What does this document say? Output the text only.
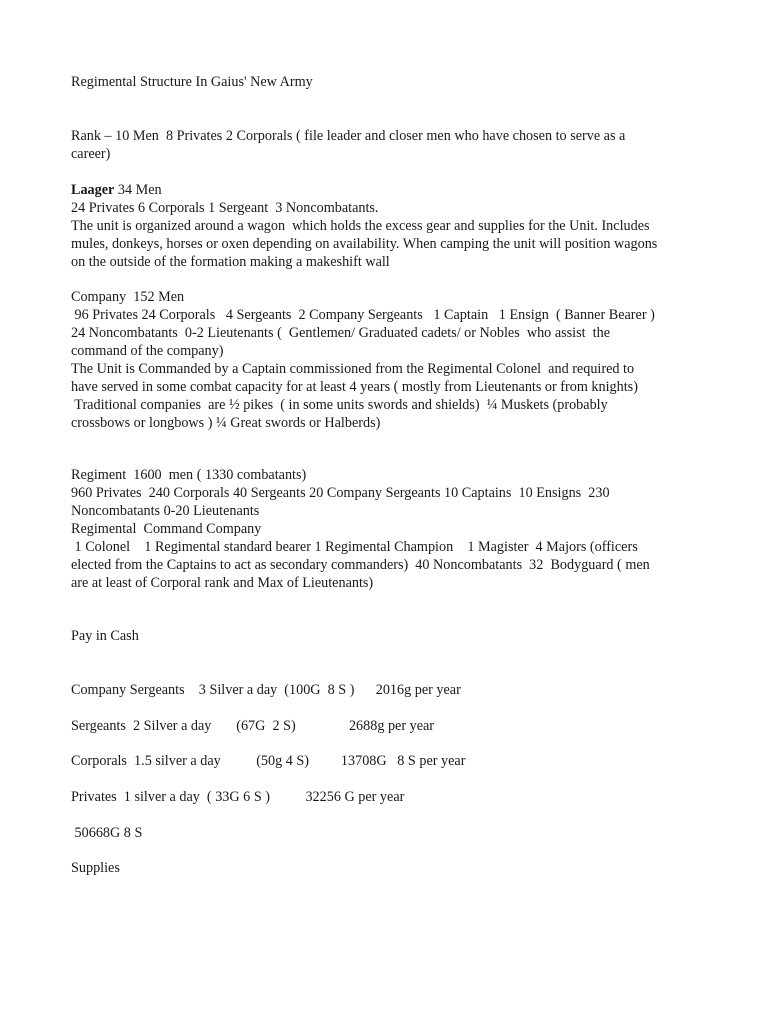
Regimental Structure In Gaius' New Army
Rank – 10 Men  8 Privates 2 Corporals ( file leader and closer men who have chosen to serve as a
career)
Laager 34 Men
24 Privates 6 Corporals 1 Sergeant  3 Noncombatants.
The unit is organized around a wagon  which holds the excess gear and supplies for the Unit. Includes
mules, donkeys, horses or oxen depending on availability. When camping the unit will position wagons
on the outside of the formation making a makeshift wall
Company  152 Men
96 Privates 24 Corporals   4 Sergeants  2 Company Sergeants   1 Captain   1 Ensign  ( Banner Bearer )
24 Noncombatants  0-2 Lieutenants (  Gentlemen/ Graduated cadets/ or Nobles  who assist  the
command of the company)
The Unit is Commanded by a Captain commissioned from the Regimental Colonel  and required to
have served in some combat capacity for at least 4 years ( mostly from Lieutenants or from knights)
Traditional companies  are ½ pikes  ( in some units swords and shields)  ¼ Muskets (probably
crossbows or longbows ) ¼ Great swords or Halberds)
Regiment  1600  men ( 1330 combatants)
960 Privates  240 Corporals 40 Sergeants 20 Company Sergeants 10 Captains  10 Ensigns  230
Noncombatants 0-20 Lieutenants
Regimental  Command Company
1 Colonel    1 Regimental standard bearer 1 Regimental Champion    1 Magister  4 Majors (officers
elected from the Captains to act as secondary commanders)  40 Noncombatants  32  Bodyguard ( men
are at least of Corporal rank and Max of Lieutenants)
Pay in Cash
Company Sergeants    3 Silver a day  (100G  8 S )      2016g per year
Sergeants  2 Silver a day       (67G  2 S)               2688g per year
Corporals  1.5 silver a day          (50g 4 S)         13708G   8 S per year
Privates  1 silver a day  ( 33G 6 S )          32256 G per year
50668G 8 S
Supplies
